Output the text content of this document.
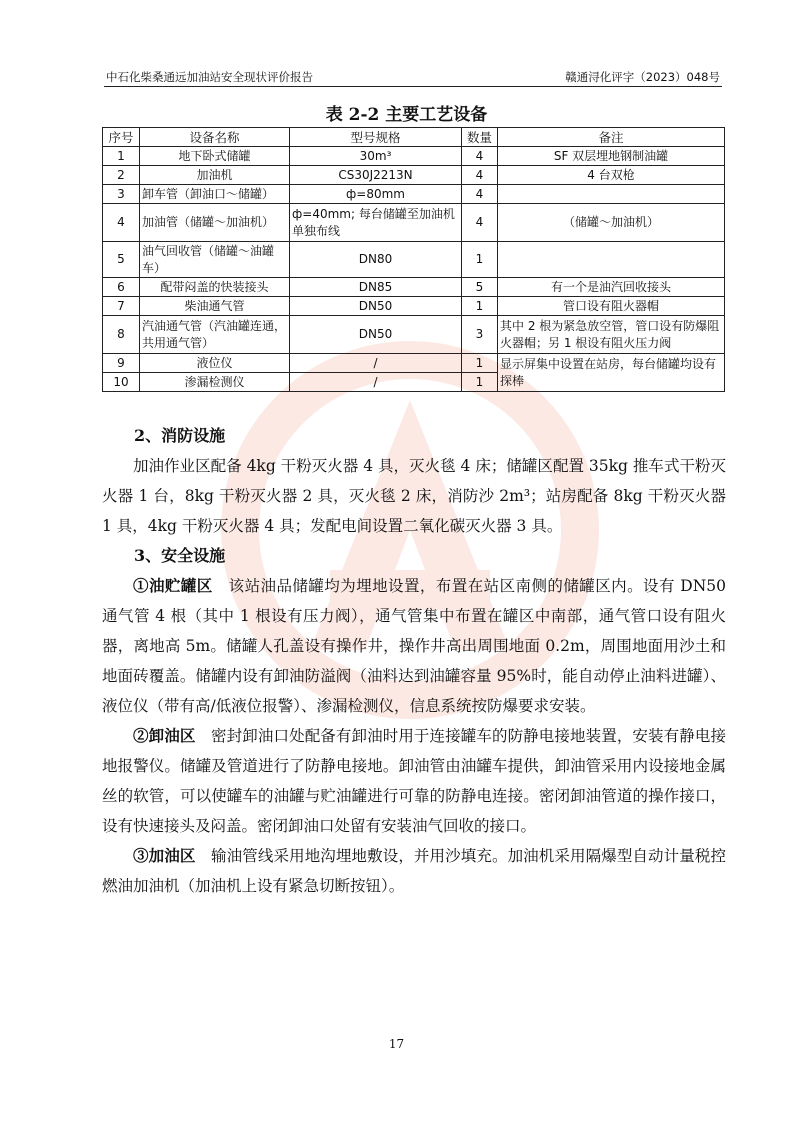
中石化柴桑通远加油站安全现状评价报告	赣通浔化评字（2023）048号
表 2-2 主要工艺设备
序号	设备名称	型号规格	数量	备注
1	地下卧式储罐	30m³	4	SF 双层埋地钢制油罐
2	加油机	CS30J2213N	4	4 台双枪
3	卸车管（卸油口～储罐）	ф=80mm	4	
4	加油管（储罐～加油机）	ф=40mm; 每台储罐至加油机单独布线	4	（储罐～加油机）
5	油气回收管（储罐～油罐车）	DN80	1	
6	配带闷盖的快装接头	DN85	5	有一个是油汽回收接头
7	柴油通气管	DN50	1	管口设有阻火器帽
8	汽油通气管（汽油罐连通，共用通气管）	DN50	3	其中 2 根为紧急放空管，管口设有防爆阻火器帽；另 1 根设有阻火压力阀
9	液位仪	/	1	显示屏集中设置在站房，每台储罐均设有探棒
10	渗漏检测仪	/	1	
2、消防设施

加油作业区配备 4kg 干粉灭火器 4 具，灭火毯 4 床；储罐区配置 35kg 推车式干粉灭火器 1 台，8kg 干粉灭火器 2 具，灭火毯 2 床，消防沙 2m³；站房配备 8kg 干粉灭火器 1 具，4kg 干粉灭火器 4 具；发配电间设置二氧化碳灭火器 3 具。

3、安全设施

①油贮罐区　 该站油品储罐均为埋地设置，布置在站区南侧的储罐区内。设有 DN50 通气管 4 根（其中 1 根设有压力阀），通气管集中布置在罐区中南部，通气管口设有阻火器，离地高 5m。储罐人孔盖设有操作井，操作井高出周围地面 0.2m，周围地面用沙土和地面砖覆盖。储罐内设有卸油防溢阀（油料达到油罐容量 95%时，能自动停止油料进罐）、液位仪（带有高/低液位报警）、渗漏检测仪，信息系统按防爆要求安装。

②卸油区　 密封卸油口处配备有卸油时用于连接罐车的防静电接地装置，安装有静电接地报警仪。储罐及管道进行了防静电接地。卸油管由油罐车提供，卸油管采用内设接地金属丝的软管，可以使罐车的油罐与贮油罐进行可靠的防静电连接。密闭卸油管道的操作接口，设有快速接头及闷盖。密闭卸油口处留有安装油气回收的接口。

③加油区　 输油管线采用地沟埋地敷设，并用沙填充。加油机采用隔爆型自动计量税控燃油加油机（加油机上设有紧急切断按钮）。

17
